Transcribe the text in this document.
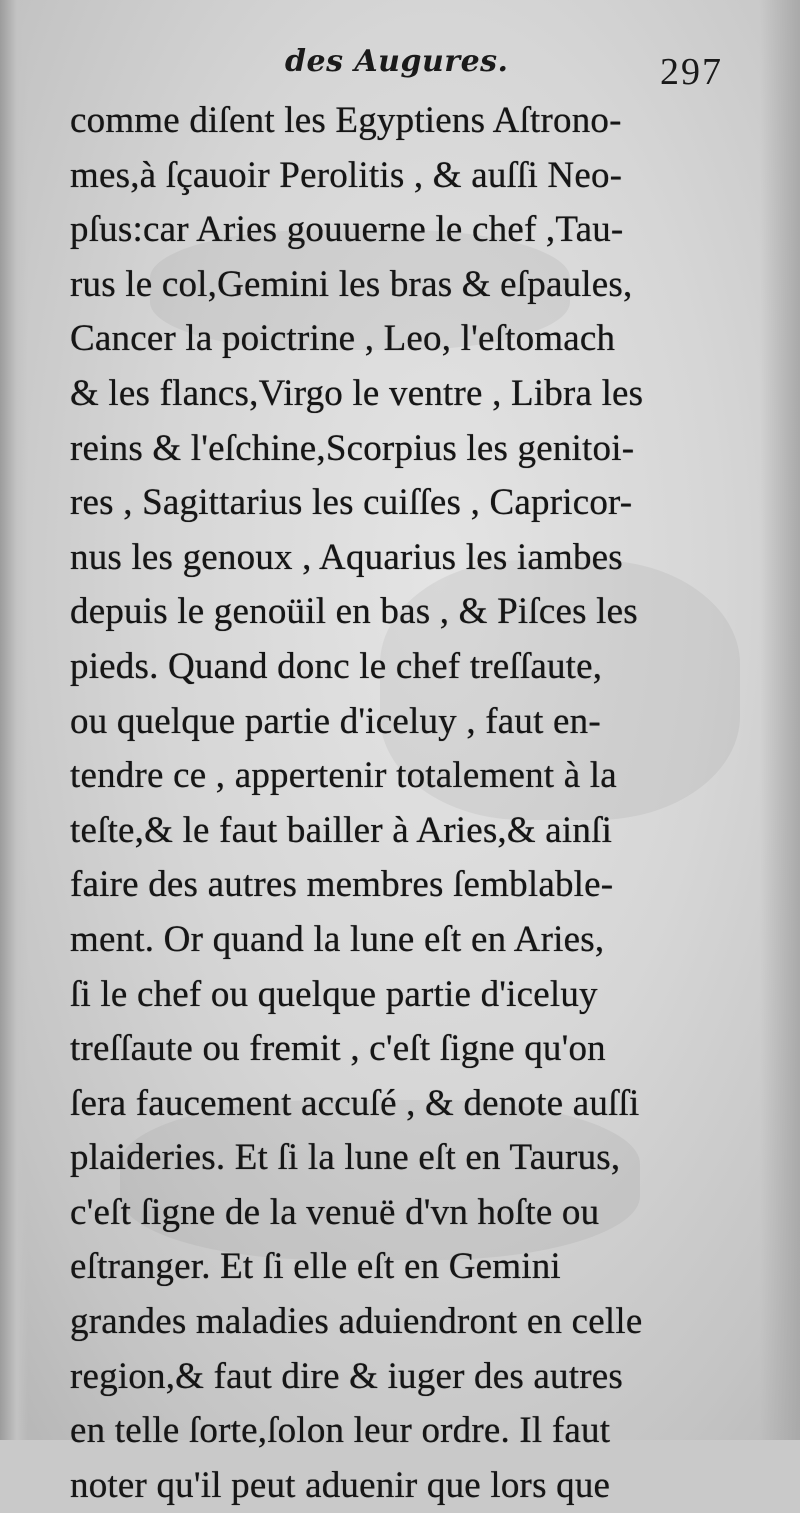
des Augures.	297
comme diſent les Egyptiens Aſtrono-
mes,à ſçauoir Perolitis , & auſſi Neo-
pſus:car Aries gouuerne le chef ,Tau-
rus le col,Gemini les bras & eſpaules,
Cancer la poictrine , Leo, l'eſtomach
& les flancs,Virgo le ventre , Libra les
reins & l'eſchine,Scorpius les genitoi-
res , Sagittarius les cuiſſes , Capricor-
nus les genoux , Aquarius les iambes
depuis le genoüil en bas , & Piſces les
pieds. Quand donc le chef treſſaute,
ou quelque partie d'iceluy , faut en-
tendre ce , appertenir totalement à la
teſte,& le faut bailler à Aries,& ainſi
faire des autres membres ſemblable-
ment. Or quand la lune eſt en Aries,
ſi le chef ou quelque partie d'iceluy
treſſaute ou fremit , c'eſt ſigne qu'on
ſera faucement accuſé , & denote auſſi
plaideries. Et ſi la lune eſt en Taurus,
c'eſt ſigne de la venuë d'vn hoſte ou
eſtranger. Et ſi elle eſt en Gemini
grandes maladies aduiendront en celle
region,& faut dire & iuger des autres
en telle ſorte,ſolon leur ordre. Il faut
noter qu'il peut aduenir que lors que
